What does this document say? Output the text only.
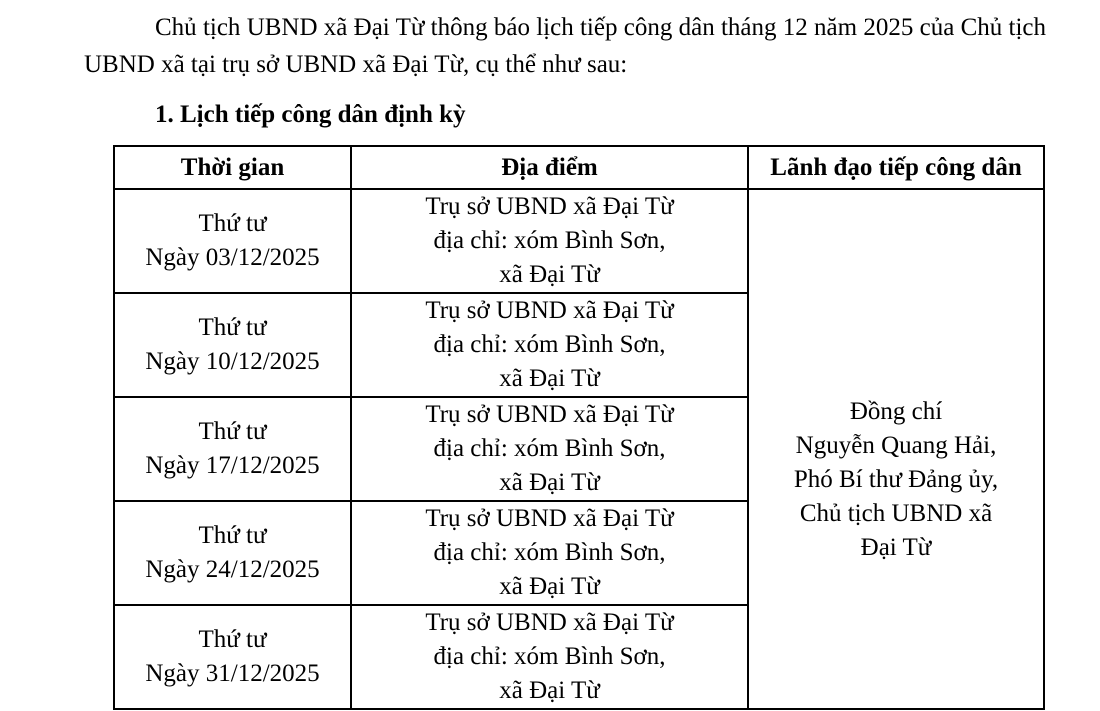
Chủ tịch UBND xã Đại Từ thông báo lịch tiếp công dân tháng 12 năm 2025 của Chủ tịch UBND xã tại trụ sở UBND xã Đại Từ, cụ thể như sau:

1. Lịch tiếp công dân định kỳ
Thời gian	Địa điểm	Lãnh đạo tiếp công dân

Thứ tư
Ngày 03/12/2025	Trụ sở UBND xã Đại Từ
địa chỉ: xóm Bình Sơn,
xã Đại Từ	Đồng chí
Nguyễn Quang Hải,
Phó Bí thư Đảng ủy,
Chủ tịch UBND xã
Đại Từ

Thứ tư
Ngày 10/12/2025	Trụ sở UBND xã Đại Từ
địa chỉ: xóm Bình Sơn,
xã Đại Từ	

Thứ tư
Ngày 17/12/2025	Trụ sở UBND xã Đại Từ
địa chỉ: xóm Bình Sơn,
xã Đại Từ	

Thứ tư
Ngày 24/12/2025	Trụ sở UBND xã Đại Từ
địa chỉ: xóm Bình Sơn,
xã Đại Từ	

Thứ tư
Ngày 31/12/2025	Trụ sở UBND xã Đại Từ
địa chỉ: xóm Bình Sơn,
xã Đại Từ	
